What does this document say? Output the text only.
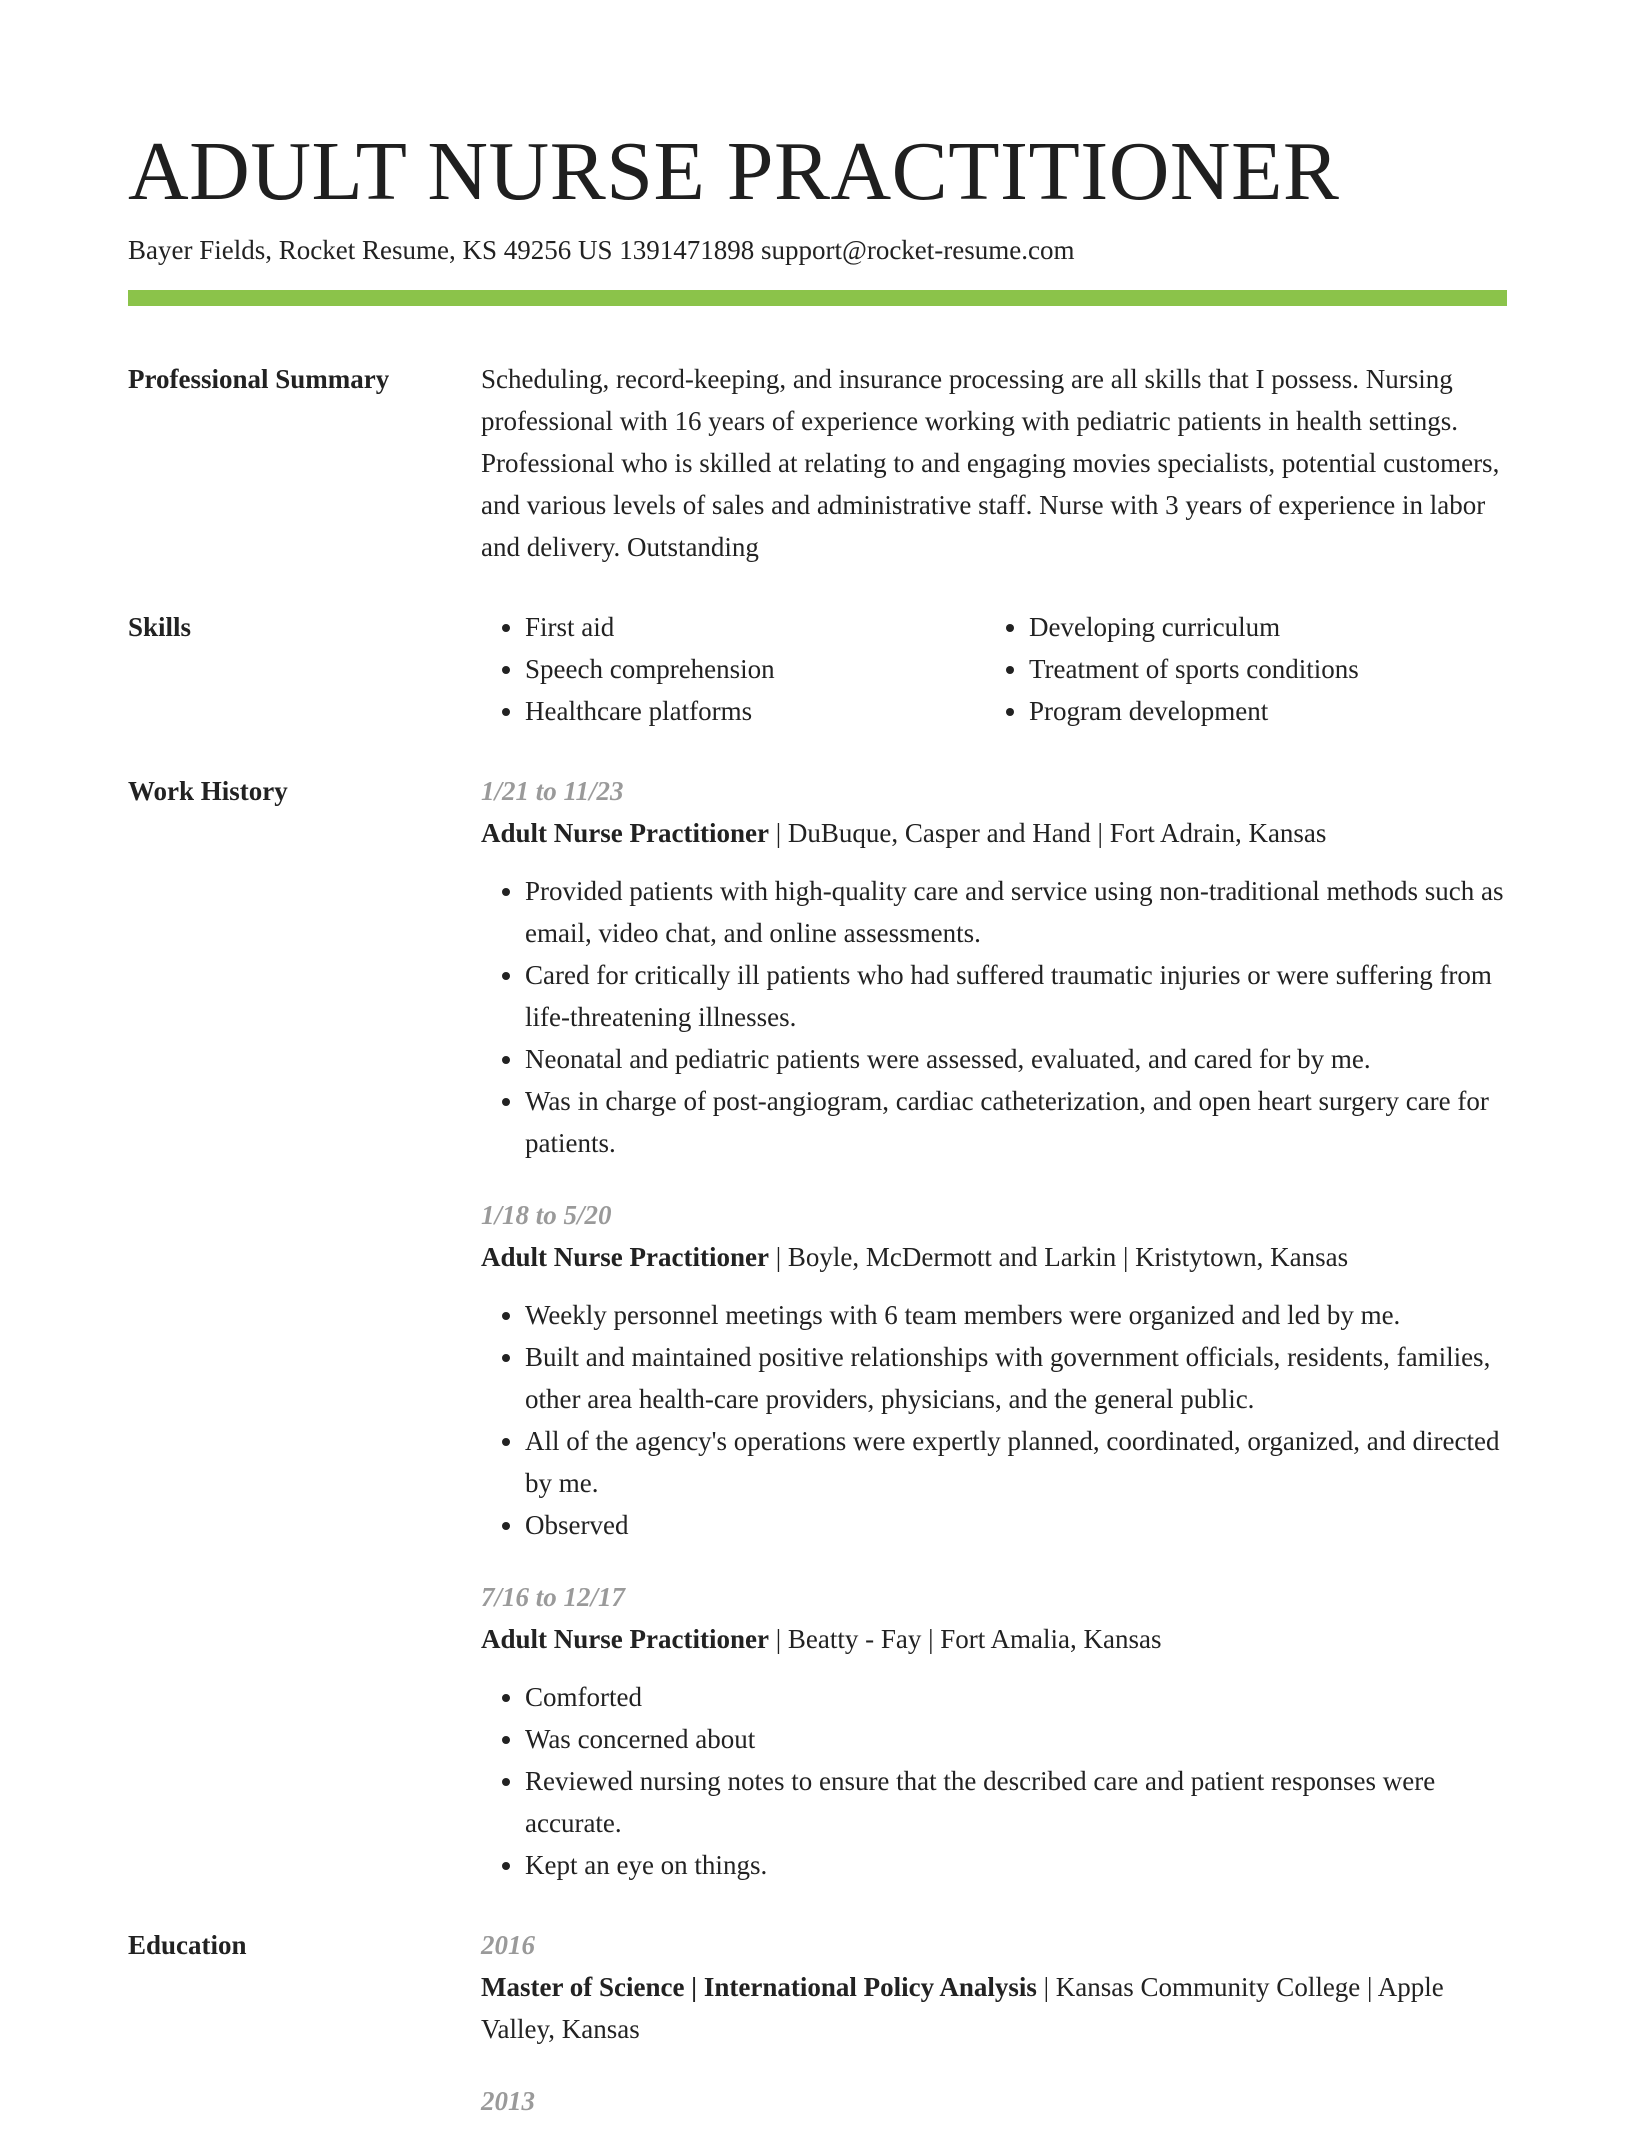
ADULT NURSE PRACTITIONER
Bayer Fields, Rocket Resume, KS 49256 US 1391471898 support@rocket-resume.com
Professional Summary	Scheduling, record-keeping, and insurance processing are all skills that I possess. Nursing professional with 16 years of experience working with pediatric patients in health settings. Professional who is skilled at relating to and engaging movies specialists, potential customers, and various levels of sales and administrative staff. Nurse with 3 years of experience in labor and delivery. Outstanding

Skills
•	First aid
• Speech comprehension
• Healthcare platforms
• Developing curriculum
• Treatment of sports conditions
• Program development
Work History	1/21 to 11/23
Adult Nurse Practitioner | DuBuque, Casper and Hand | Fort Adrain, Kansas
• Provided patients with high-quality care and service using non-traditional methods such as email, video chat, and online assessments.
• Cared for critically ill patients who had suffered traumatic injuries or were suffering from life-threatening illnesses.
• Neonatal and pediatric patients were assessed, evaluated, and cared for by me.
• Was in charge of post-angiogram, cardiac catheterization, and open heart surgery care for patients.
1/18 to 5/20
Adult Nurse Practitioner | Boyle, McDermott and Larkin | Kristytown, Kansas
• Weekly personnel meetings with 6 team members were organized and led by me.
• Built and maintained positive relationships with government officials, residents, families, other area health-care providers, physicians, and the general public.
• All of the agency's operations were expertly planned, coordinated, organized, and directed by me.
• Observed
7/16 to 12/17
Adult Nurse Practitioner | Beatty - Fay | Fort Amalia, Kansas
• Comforted
• Was concerned about
• Reviewed nursing notes to ensure that the described care and patient responses were accurate.
• Kept an eye on things.
Education	2016
Master of Science | International Policy Analysis | Kansas Community College | Apple Valley, Kansas
2013
